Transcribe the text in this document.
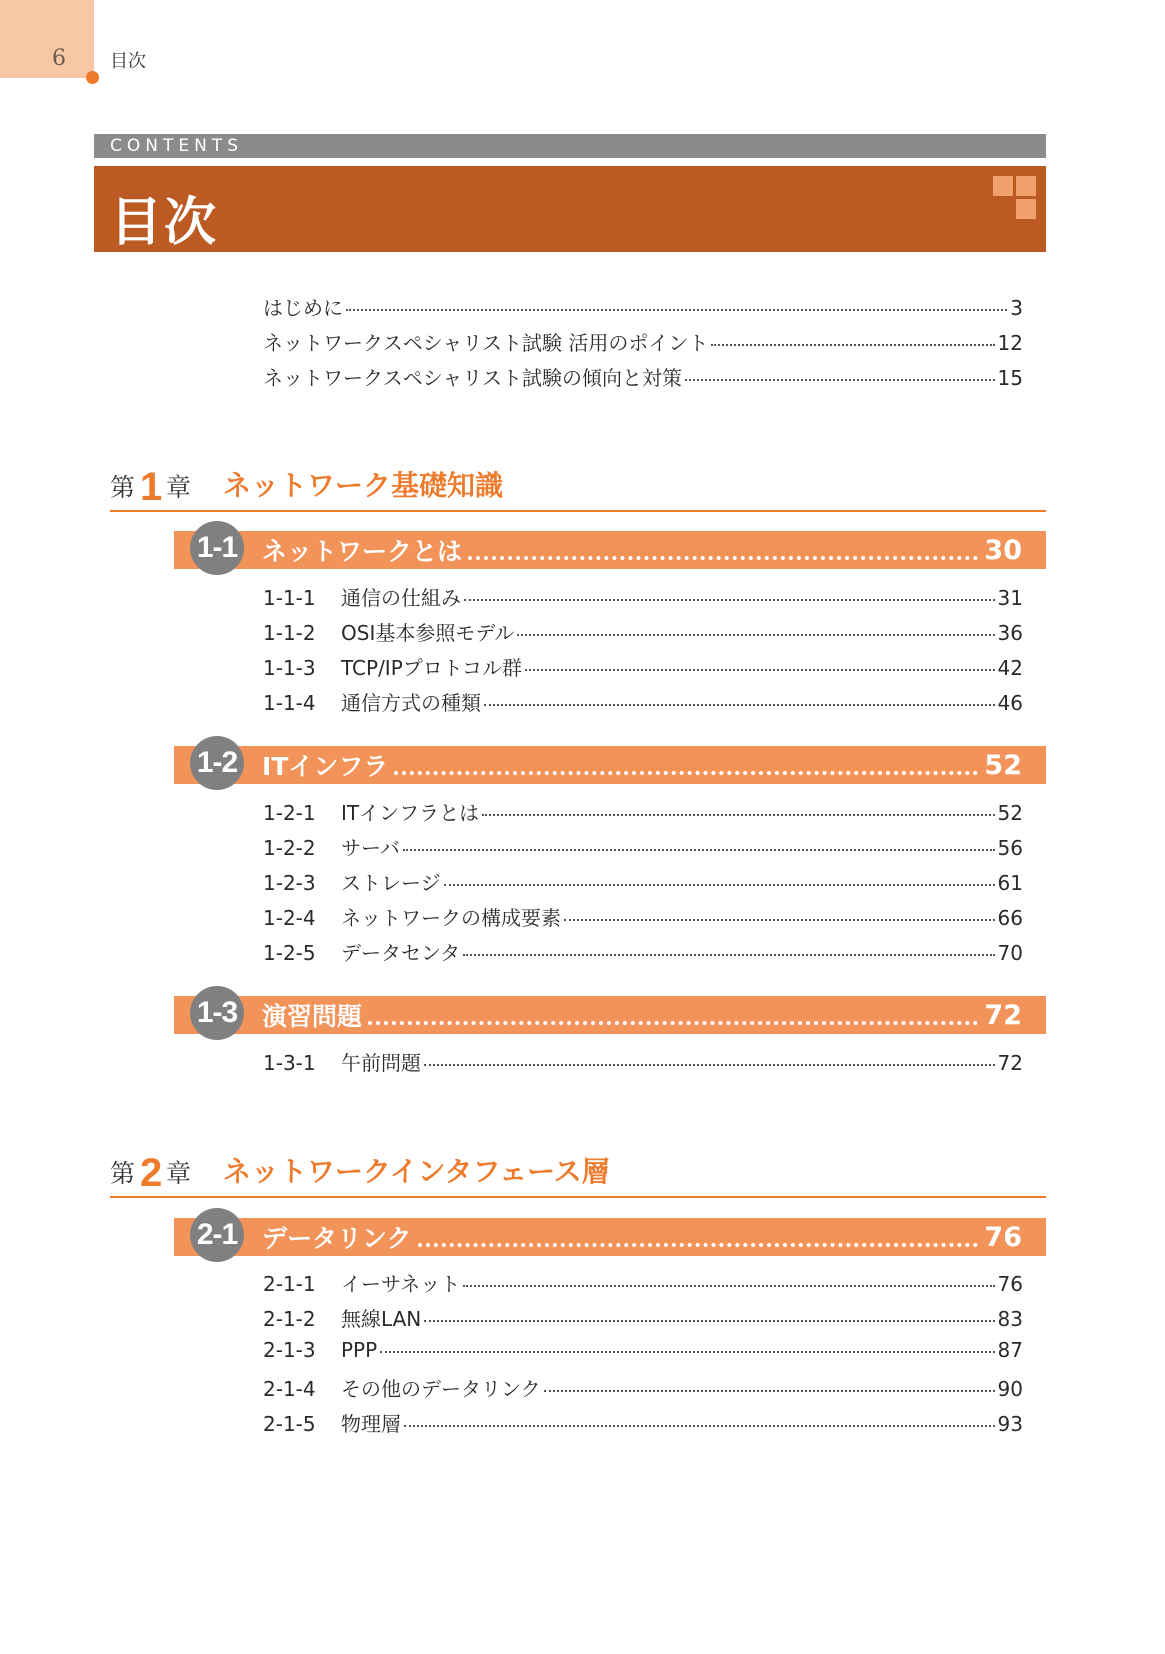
6 目次
CONTENTS
目次
はじめに	3
ネットワークスペシャリスト試験 活用のポイント	12
ネットワークスペシャリスト試験の傾向と対策	15
第 1 章 ネットワーク基礎知識
1-1 ネットワークとは	30
1-1-1	通信の仕組み	31
1-1-2	OSI基本参照モデル	36
1-1-3	TCP/IPプロトコル群	42
1-1-4	通信方式の種類	46
1-2 ITインフラ	52
1-2-1	ITインフラとは	52
1-2-2	サーバ	56
1-2-3	ストレージ	61
1-2-4	ネットワークの構成要素	66
1-2-5	データセンタ	70
1-3 演習問題	72
1-3-1	午前問題	72
第 2 章 ネットワークインタフェース層
2-1 データリンク	76
2-1-1	イーサネット	76
2-1-2	無線LAN	83
2-1-3	PPP	87
2-1-4	その他のデータリンク	90
2-1-5	物理層	93
